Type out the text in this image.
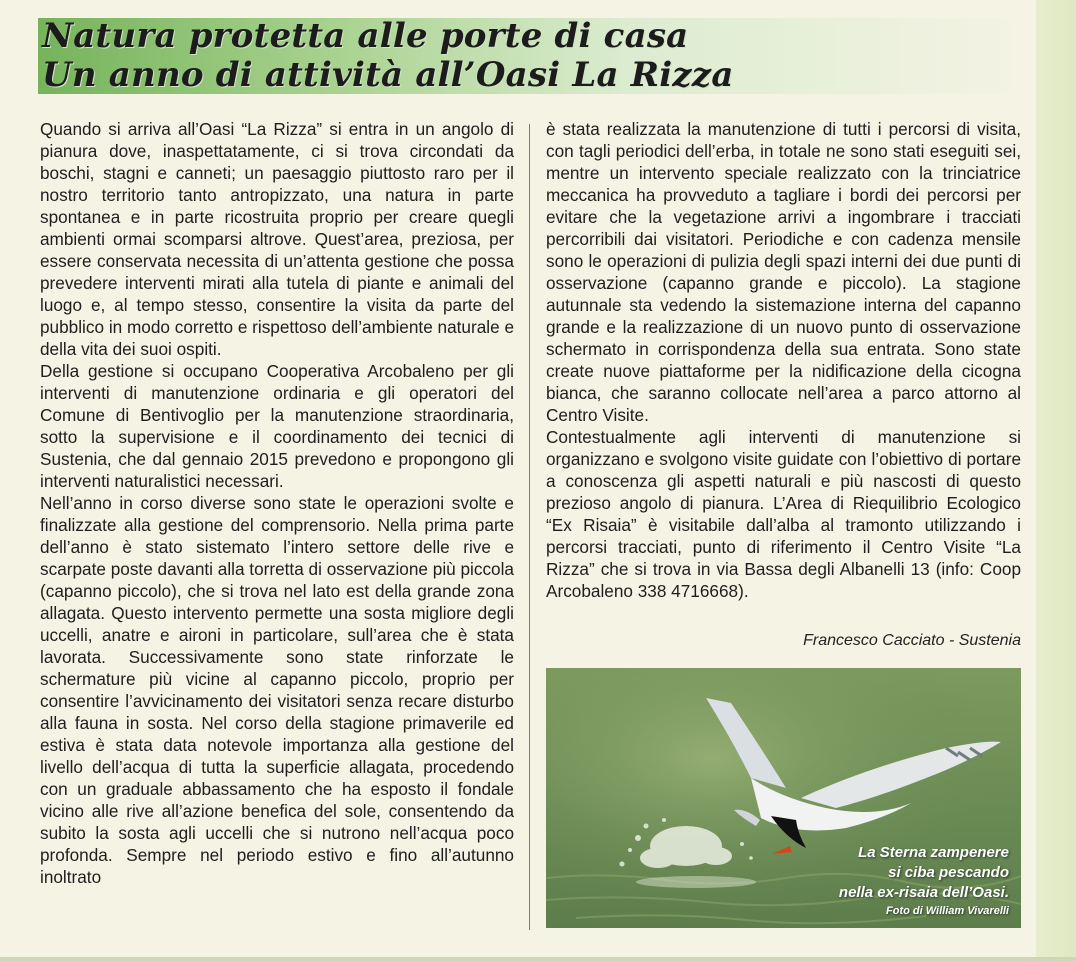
Natura protetta alle porte di casa
Un anno di attività all’Oasi La Rizza

Quando si arriva all’Oasi “La Rizza” si entra in un angolo di pianura dove, inaspettatamente, ci si trova circondati da boschi, stagni e canneti; un paesaggio piuttosto raro per il nostro territorio tanto antropizzato, una natura in parte spontanea e in parte ricostruita proprio per creare quegli ambienti ormai scomparsi altrove. Quest’area, preziosa, per essere conservata necessita di un’attenta gestione che possa prevedere interventi mirati alla tutela di piante e animali del luogo e, al tempo stesso, consentire la visita da parte del pubblico in modo corretto e rispettoso dell’ambiente naturale e della vita dei suoi ospiti.

Della gestione si occupano Cooperativa Arcobaleno per gli interventi di manutenzione ordinaria e gli operatori del Comune di Bentivoglio per la manutenzione straordinaria, sotto la supervisione e il coordinamento dei tecnici di Sustenia, che dal gennaio 2015 prevedono e propongono gli interventi naturalistici necessari.

Nell’anno in corso diverse sono state le operazioni svolte e finalizzate alla gestione del comprensorio. Nella prima parte dell’anno è stato sistemato l’intero settore delle rive e scarpate poste davanti alla torretta di osservazione più piccola (capanno piccolo), che si trova nel lato est della grande zona allagata. Questo intervento permette una sosta migliore degli uccelli, anatre e aironi in particolare, sull’area che è stata lavorata. Successivamente sono state rinforzate le schermature più vicine al capanno piccolo, proprio per consentire l’avvicinamento dei visitatori senza recare disturbo alla fauna in sosta. Nel corso della stagione primaverile ed estiva è stata data notevole importanza alla gestione del livello dell’acqua di tutta la superficie allagata, procedendo con un graduale abbassamento che ha esposto il fondale vicino alle rive all’azione benefica del sole, consentendo da subito la sosta agli uccelli che si nutrono nell’acqua poco profonda. Sempre nel periodo estivo e fino all’autunno inoltrato

è stata realizzata la manutenzione di tutti i percorsi di visita, con tagli periodici dell’erba, in totale ne sono stati eseguiti sei, mentre un intervento speciale realizzato con la trinciatrice meccanica ha provveduto a tagliare i bordi dei percorsi per evitare che la vegetazione arrivi a ingombrare i tracciati percorribili dai visitatori. Periodiche e con cadenza mensile sono le operazioni di pulizia degli spazi interni dei due punti di osservazione (capanno grande e piccolo). La stagione autunnale sta vedendo la sistemazione interna del capanno grande e la realizzazione di un nuovo punto di osservazione schermato in corrispondenza della sua entrata. Sono state create nuove piattaforme per la nidificazione della cicogna bianca, che saranno collocate nell’area a parco attorno al Centro Visite.

Contestualmente agli interventi di manutenzione si organizzano e svolgono visite guidate con l’obiettivo di portare a conoscenza gli aspetti naturali e più nascosti di questo prezioso angolo di pianura. L’Area di Riequilibrio Ecologico “Ex Risaia” è visitabile dall’alba al tramonto utilizzando i percorsi tracciati, punto di riferimento il Centro Visite “La Rizza” che si trova in via Bassa degli Albanelli 13 (info: Coop Arcobaleno 338 4716668).

Francesco Cacciato - Sustenia
La Sterna zampenere
si ciba pescando
nella ex-risaia dell’Oasi.
Foto di William Vivarelli
